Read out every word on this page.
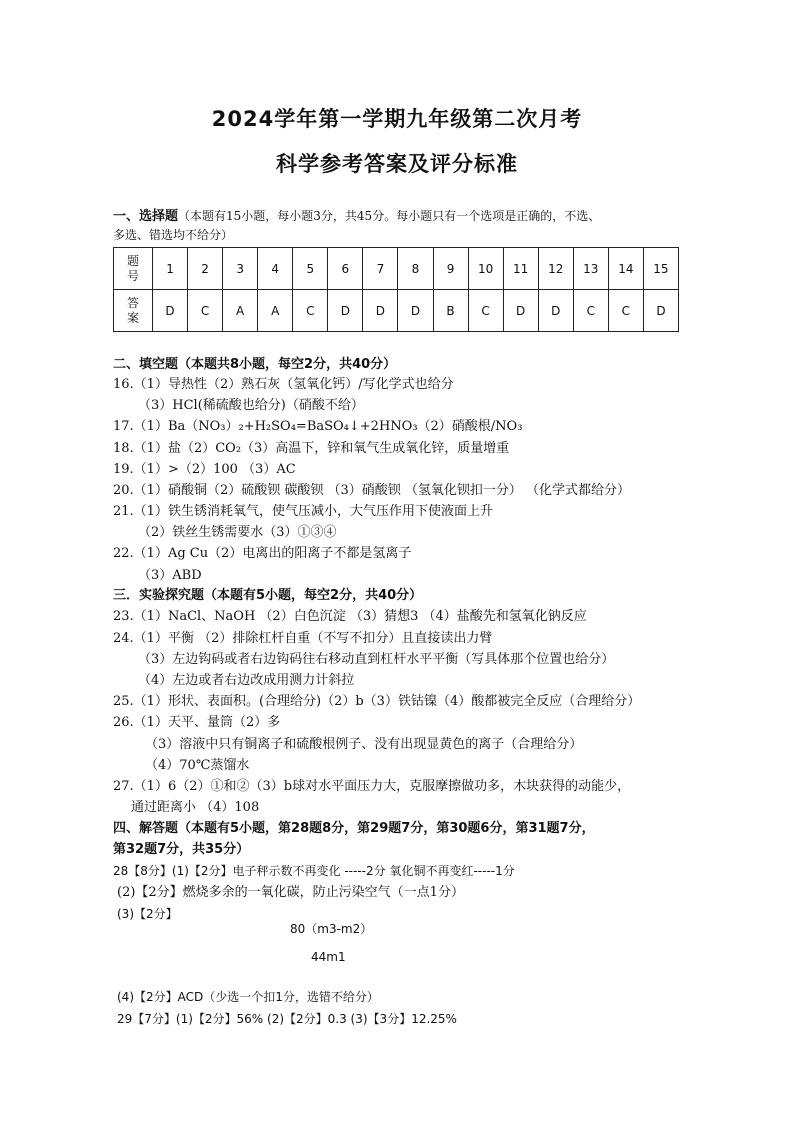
2024学年第一学期九年级第二次月考
科学参考答案及评分标准
一、选择题（本题有15小题，每小题3分，共45分。每小题只有一个选项是正确的，不选、
多选、错选均不给分）
题
号	1	2	3	4	5	6	7	8	9	10	11	12	13	14	15
答
案	D	C	A	A	C	D	D	D	B	C	D	D	C	C	D
二、填空题（本题共8小题，每空2分，共40分）
16.（1）导热性（2）熟石灰（氢氧化钙）/写化学式也给分
（3）HCl(稀硫酸也给分)（硝酸不给）
17.（1）Ba（NO₃）₂+H₂SO₄=BaSO₄↓+2HNO₃（2）硝酸根/NO₃
18.（1）盐（2）CO₂（3）高温下，锌和氧气生成氧化锌，质量增重
19.（1）>（2）100 （3）AC
20.（1）硝酸铜（2）硫酸钡 碳酸钡 （3）硝酸钡 （氢氧化钡扣一分） （化学式都给分）
21.（1）铁生锈消耗氧气，使气压减小，大气压作用下使液面上升
（2）铁丝生锈需要水（3）①③④
22.（1）Ag Cu（2）电离出的阳离子不都是氢离子
（3）ABD
三．实验探究题（本题有5小题，每空2分，共40分）
23.（1）NaCl、NaOH （2）白色沉淀 （3）猜想3 （4）盐酸先和氢氧化钠反应
24.（1）平衡 （2）排除杠杆自重（不写不扣分）且直接读出力臂
（3）左边钩码或者右边钩码往右移动直到杠杆水平平衡（写具体那个位置也给分）
（4）左边或者右边改成用测力计斜拉
25.（1）形状、表面积。(合理给分)（2）b（3）铁钴镍（4）酸都被完全反应（合理给分）
26.（1）天平、量筒（2）多
（3）溶液中只有铜离子和硫酸根例子、没有出现显黄色的离子（合理给分）
（4）70℃蒸馏水
27.（1）6（2）①和②（3）b球对水平面压力大，克服摩擦做功多，木块获得的动能少，
通过距离小 （4）108
四、解答题（本题有5小题，第28题8分，第29题7分，第30题6分，第31题7分，
第32题7分，共35分）
28【8分】(1)【2分】电子秤示数不再变化 -----2分 氧化铜不再变红-----1分
(2)【2分】燃烧多余的一氧化碳，防止污染空气（一点1分）
(3)【2分】
80（m3-m2）
44m1
(4)【2分】ACD（少选一个扣1分，选错不给分）
29【7分】(1)【2分】56% (2)【2分】0.3 (3)【3分】12.25%
